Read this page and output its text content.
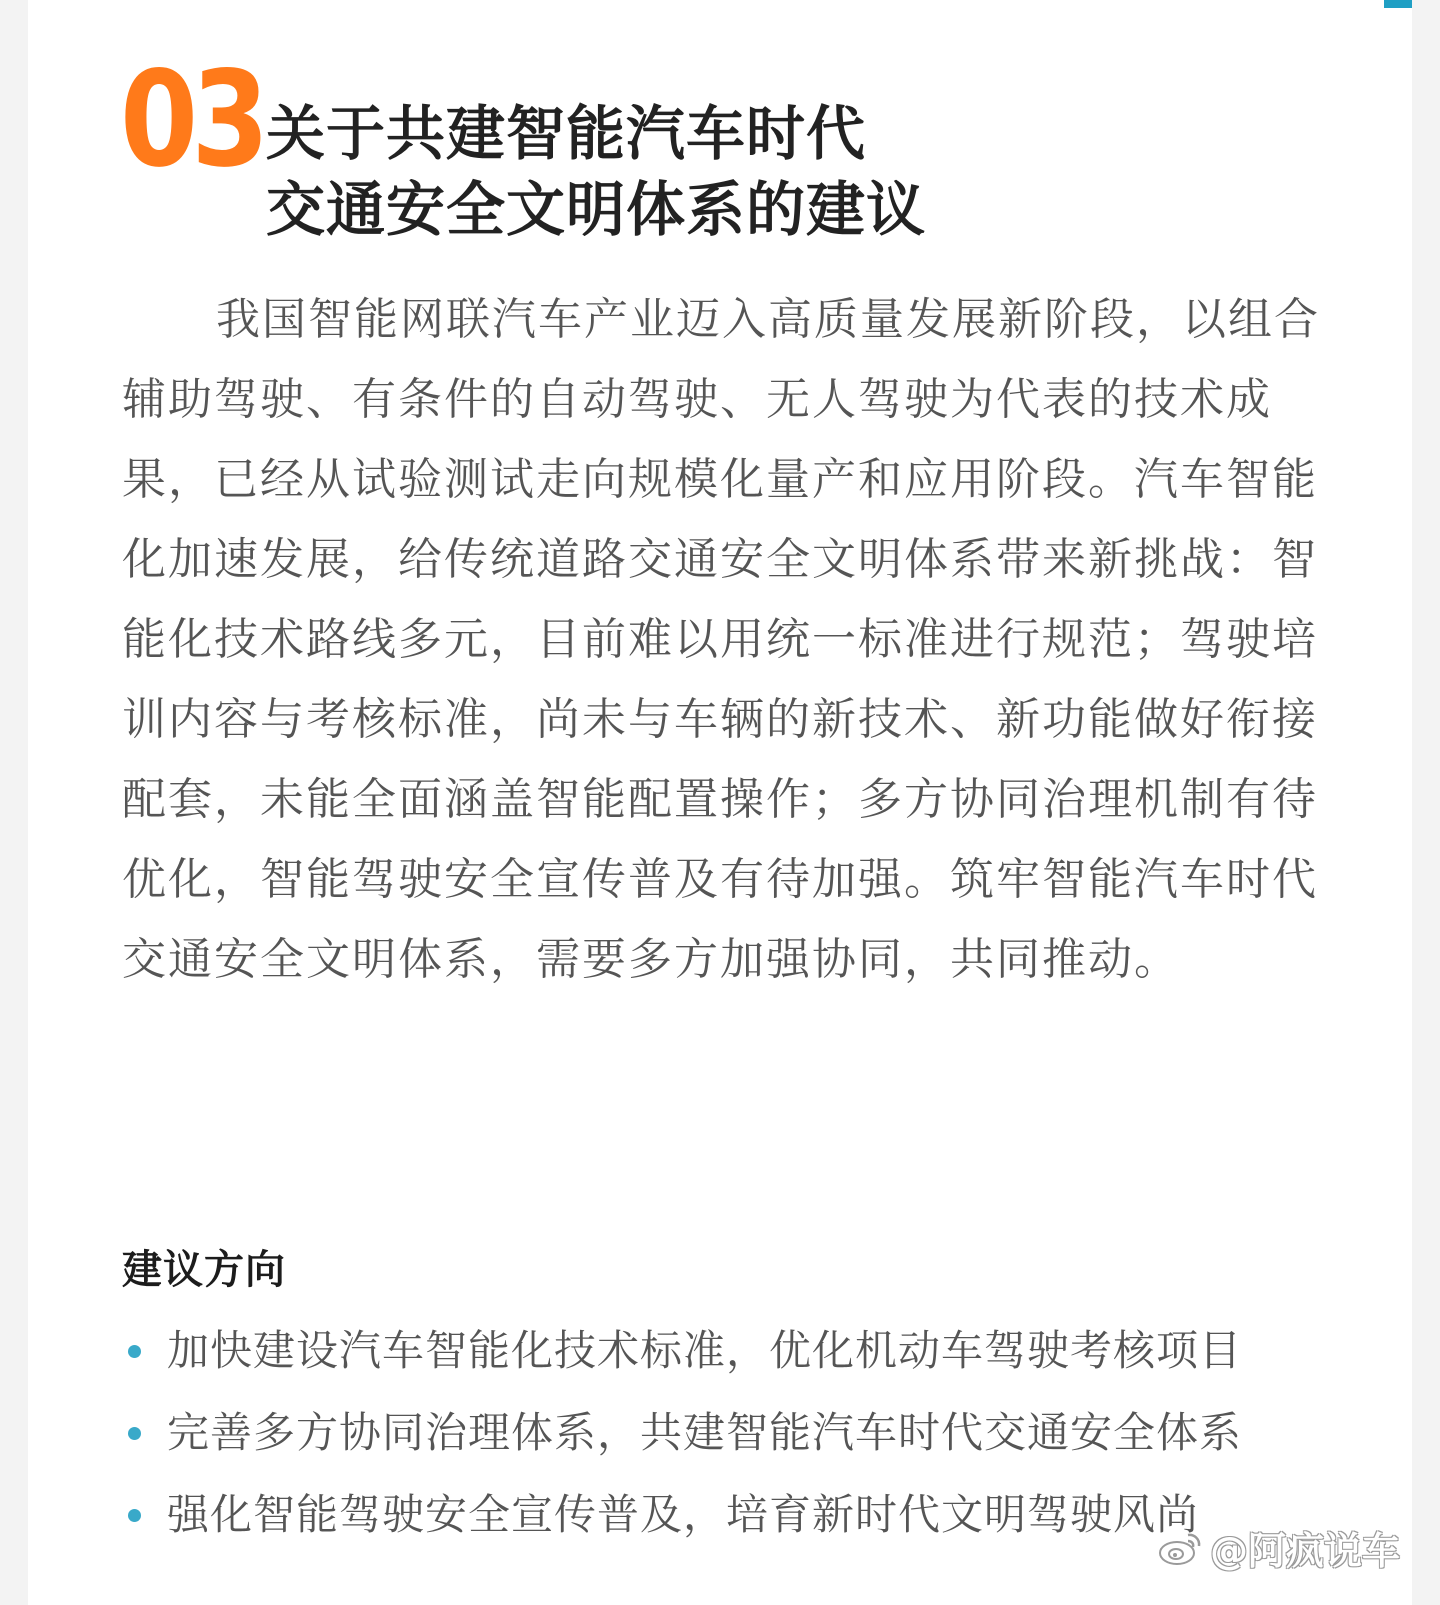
03 关于共建智能汽车时代
交通安全文明体系的建议

我国智能网联汽车产业迈入高质量发展新阶段，以组合辅助驾驶、有条件的自动驾驶、无人驾驶为代表的技术成果，已经从试验测试走向规模化量产和应用阶段。汽车智能化加速发展，给传统道路交通安全文明体系带来新挑战：智能化技术路线多元，目前难以用统一标准进行规范；驾驶培训内容与考核标准，尚未与车辆的新技术、新功能做好衔接配套，未能全面涵盖智能配置操作；多方协同治理机制有待优化，智能驾驶安全宣传普及有待加强。筑牢智能汽车时代交通安全文明体系，需要多方加强协同，共同推动。

建议方向
加快建设汽车智能化技术标准，优化机动车驾驶考核项目
完善多方协同治理体系，共建智能汽车时代交通安全体系
强化智能驾驶安全宣传普及，培育新时代文明驾驶风尚
@阿疯说车
